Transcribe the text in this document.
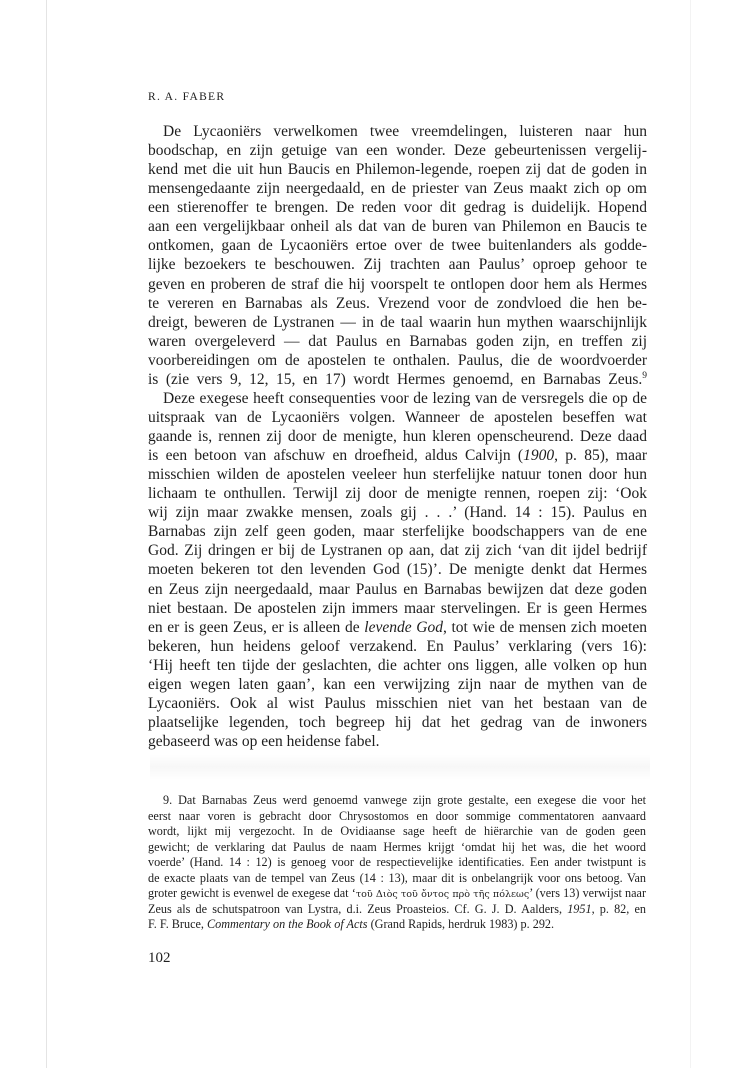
R. A. FABER
De Lycaoniërs verwelkomen twee vreemdelingen, luisteren naar hun
boodschap, en zijn getuige van een wonder. Deze gebeurtenissen vergelij-
kend met die uit hun Baucis en Philemon-legende, roepen zij dat de goden in
mensengedaante zijn neergedaald, en de priester van Zeus maakt zich op om
een stierenoffer te brengen. De reden voor dit gedrag is duidelijk. Hopend
aan een vergelijkbaar onheil als dat van de buren van Philemon en Baucis te
ontkomen, gaan de Lycaoniërs ertoe over de twee buitenlanders als godde-
lijke bezoekers te beschouwen. Zij trachten aan Paulus’ oproep gehoor te
geven en proberen de straf die hij voorspelt te ontlopen door hem als Hermes
te vereren en Barnabas als Zeus. Vrezend voor de zondvloed die hen be-
dreigt, beweren de Lystranen — in de taal waarin hun mythen waarschijnlijk
waren overgeleverd — dat Paulus en Barnabas goden zijn, en treffen zij
voorbereidingen om de apostelen te onthalen. Paulus, die de woordvoerder
is (zie vers 9, 12, 15, en 17) wordt Hermes genoemd, en Barnabas Zeus.$^9$
Deze exegese heeft consequenties voor de lezing van de versregels die op de
uitspraak van de Lycaoniërs volgen. Wanneer de apostelen beseffen wat
gaande is, rennen zij door de menigte, hun kleren openscheurend. Deze daad
is een betoon van afschuw en droefheid, aldus Calvijn (1900, p. 85), maar
misschien wilden de apostelen veeleer hun sterfelijke natuur tonen door hun
lichaam te onthullen. Terwijl zij door de menigte rennen, roepen zij: ‘Ook
wij zijn maar zwakke mensen, zoals gij . . .’ (Hand. 14 : 15). Paulus en
Barnabas zijn zelf geen goden, maar sterfelijke boodschappers van de ene
God. Zij dringen er bij de Lystranen op aan, dat zij zich ‘van dit ijdel bedrijf
moeten bekeren tot den levenden God (15)’. De menigte denkt dat Hermes
en Zeus zijn neergedaald, maar Paulus en Barnabas bewijzen dat deze goden
niet bestaan. De apostelen zijn immers maar stervelingen. Er is geen Hermes
en er is geen Zeus, er is alleen de levende God, tot wie de mensen zich moeten
bekeren, hun heidens geloof verzakend. En Paulus’ verklaring (vers 16):
‘Hij heeft ten tijde der geslachten, die achter ons liggen, alle volken op hun
eigen wegen laten gaan’, kan een verwijzing zijn naar de mythen van de
Lycaoniërs. Ook al wist Paulus misschien niet van het bestaan van de
plaatselijke legenden, toch begreep hij dat het gedrag van de inwoners
gebaseerd was op een heidense fabel.
9. Dat Barnabas Zeus werd genoemd vanwege zijn grote gestalte, een exegese die voor het
eerst naar voren is gebracht door Chrysostomos en door sommige commentatoren aanvaard
wordt, lijkt mij vergezocht. In de Ovidiaanse sage heeft de hiërarchie van de goden geen
gewicht; de verklaring dat Paulus de naam Hermes krijgt ‘omdat hij het was, die het woord
voerde’ (Hand. 14 : 12) is genoeg voor de respectievelijke identificaties. Een ander twistpunt is
de exacte plaats van de tempel van Zeus (14 : 13), maar dit is onbelangrijk voor ons betoog. Van
groter gewicht is evenwel de exegese dat ‘τοῦ Διὸς τοῦ ὄντος πρὸ τῆς πόλεως’ (vers 13) verwijst naar
Zeus als de schutspatroon van Lystra, d.i. Zeus Proasteios. Cf. G. J. D. Aalders, 1951, p. 82, en
F. F. Bruce, Commentary on the Book of Acts (Grand Rapids, herdruk 1983) p. 292.
102
